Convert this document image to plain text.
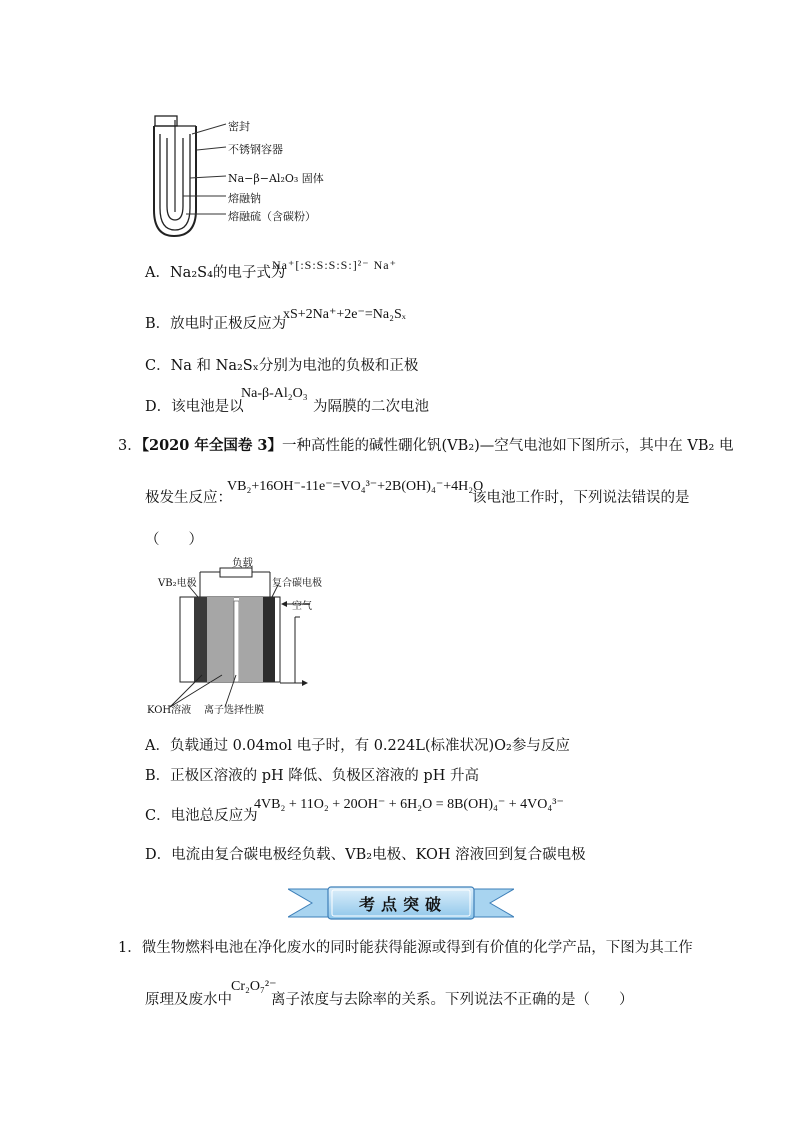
密封
不锈钢容器
Na−β−Al₂O₃ 固体
熔融钠
熔融硫（含碳粉）
A．Na₂S₄的电子式为
Na⁺[:S:S:S:S:]²⁻ Na⁺
B．放电时正极反应为
xS+2Na⁺+2e⁻=Na₂Sₓ
C．Na 和 Na₂Sₓ分别为电池的负极和正极
D．该电池是以
Na-β-Al₂O₃
为隔膜的二次电池
3．【2020 年全国卷 3】一种高性能的碱性硼化钒(VB₂)—空气电池如下图所示，其中在 VB₂ 电
极发生反应：
VB₂+16OH⁻-11e⁻=VO₄³⁻+2B(OH)₄⁻+4H₂O
该电池工作时，下列说法错误的是
（　　）
负载
VB₂电极	复合碳电极
空气
KOH溶液 离子选择性膜
A．负载通过 0.04mol 电子时，有 0.224L(标准状况)O₂参与反应
B．正极区溶液的 pH 降低、负极区溶液的 pH 升高
C．电池总反应为
4VB₂ + 11O₂ + 20OH⁻ + 6H₂O = 8B(OH)₄⁻ + 4VO₄³⁻
D．电流由复合碳电极经负载、VB₂电极、KOH 溶液回到复合碳电极
考点突破
1．微生物燃料电池在净化废水的同时能获得能源或得到有价值的化学产品，下图为其工作
原理及废水中
Cr₂O₇²⁻
离子浓度与去除率的关系。下列说法不正确的是（　　）
